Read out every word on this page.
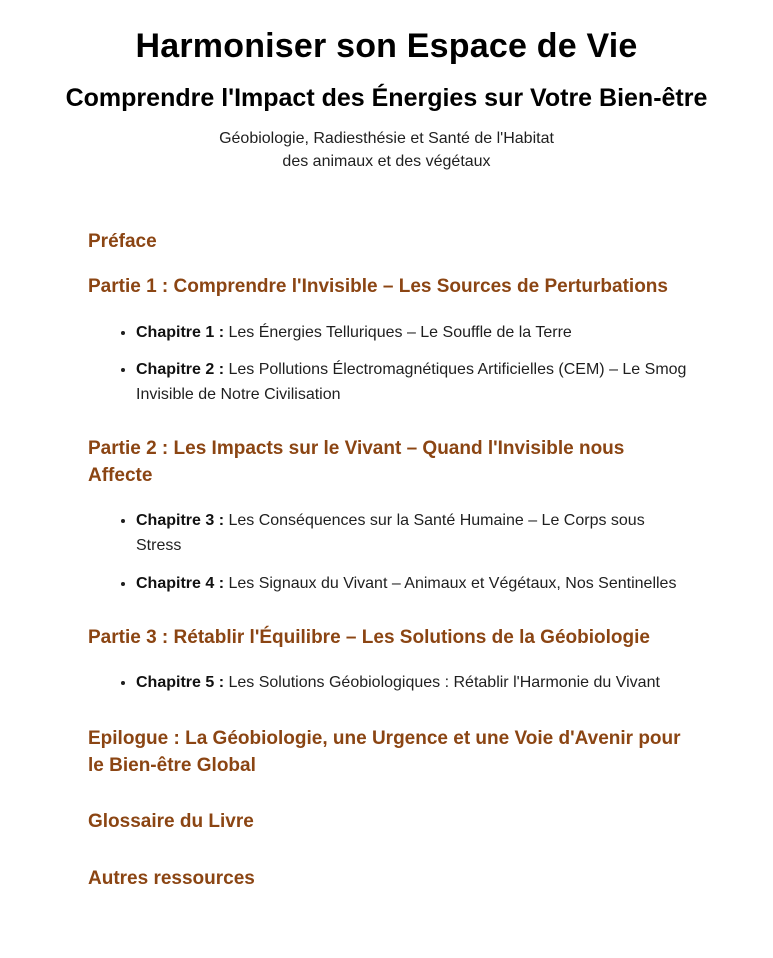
Harmoniser son Espace de Vie
Comprendre l'Impact des Énergies sur Votre Bien-être
Géobiologie, Radiesthésie et Santé de l'Habitat
des animaux et des végétaux
Préface
Partie 1 : Comprendre l'Invisible – Les Sources de Perturbations
• Chapitre 1 : Les Énergies Telluriques – Le Souffle de la Terre
• Chapitre 2 : Les Pollutions Électromagnétiques Artificielles (CEM) – Le Smog Invisible de Notre Civilisation
Partie 2 : Les Impacts sur le Vivant – Quand l'Invisible nous Affecte
• Chapitre 3 : Les Conséquences sur la Santé Humaine – Le Corps sous Stress
• Chapitre 4 : Les Signaux du Vivant – Animaux et Végétaux, Nos Sentinelles
Partie 3 : Rétablir l'Équilibre – Les Solutions de la Géobiologie
• Chapitre 5 : Les Solutions Géobiologiques : Rétablir l'Harmonie du Vivant
Epilogue : La Géobiologie, une Urgence et une Voie d'Avenir pour le Bien-être Global
Glossaire du Livre
Autres ressources
